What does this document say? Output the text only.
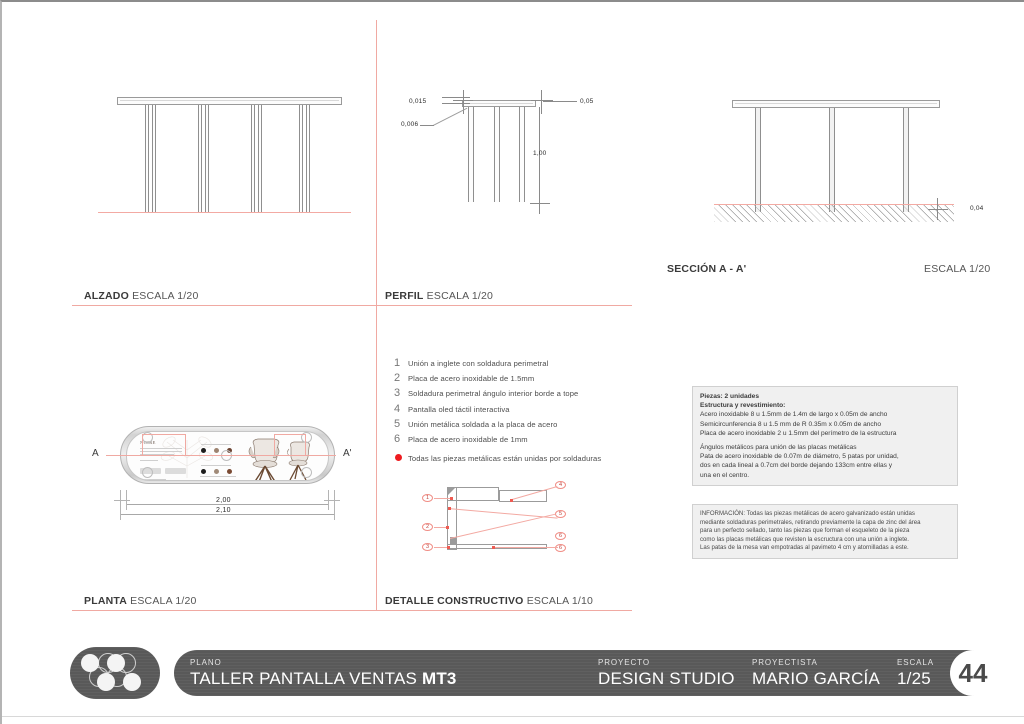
ALZADO ESCALA 1/20
0,015
0,006
0,05
1,00
PERFIL ESCALA 1/20
0,04
SECCIÓN A - A'	ESCALA 1/20
1	Unión a inglete con soldadura perimetral
2	Placa de acero inoxidable de 1.5mm
3	Soldadura perimetral ángulo interior borde a tope
4	Pantalla oled táctil interactiva
5	Unión metálica soldada a la placa de acero
6	Placa de acero inoxidable de 1mm
Todas las piezas metálicas están unidas por soldaduras
Piezas: 2 unidades
Estructura y revestimiento:
Acero inoxidable 8 u 1.5mm de 1.4m de largo x 0.05m de ancho
Semicircunferencia 8 u 1.5 mm de R 0.35m x 0.05m de ancho
Placa de acero inoxidable 2 u 1.5mm del perímetro de la estructura
Ángulos metálicos para unión de las placas metálicas
Pata de acero inoxidable de 0.07m de diámetro, 5 patas por unidad,
dos en cada lineal a 0.7cm del borde dejando 133cm entre ellas y
una en el centro.
INFORMACIÓN: Todas las piezas metálicas de acero galvanizado están unidas
mediante soldaduras perimetrales, retirando previamente la capa de zinc del área
para un perfecto sellado, tanto las piezas que forman el esqueleto de la pieza
como las placas metálicas que revisten la escructura con una unión a inglete.
Las patas de la mesa van empotradas al pavimeto 4 cm y atornilladas a este.
NOIRE
A	A'
2,00
2,10
PLANTA ESCALA 1/20
1
2
3
4
5
6
6
DETALLE CONSTRUCTIVO ESCALA 1/10
PLANO
TALLER PANTALLA VENTAS MT3
PROYECTO
DESIGN STUDIO
PROYECTISTA
MARIO GARCÍA
ESCALA
1/25	44
